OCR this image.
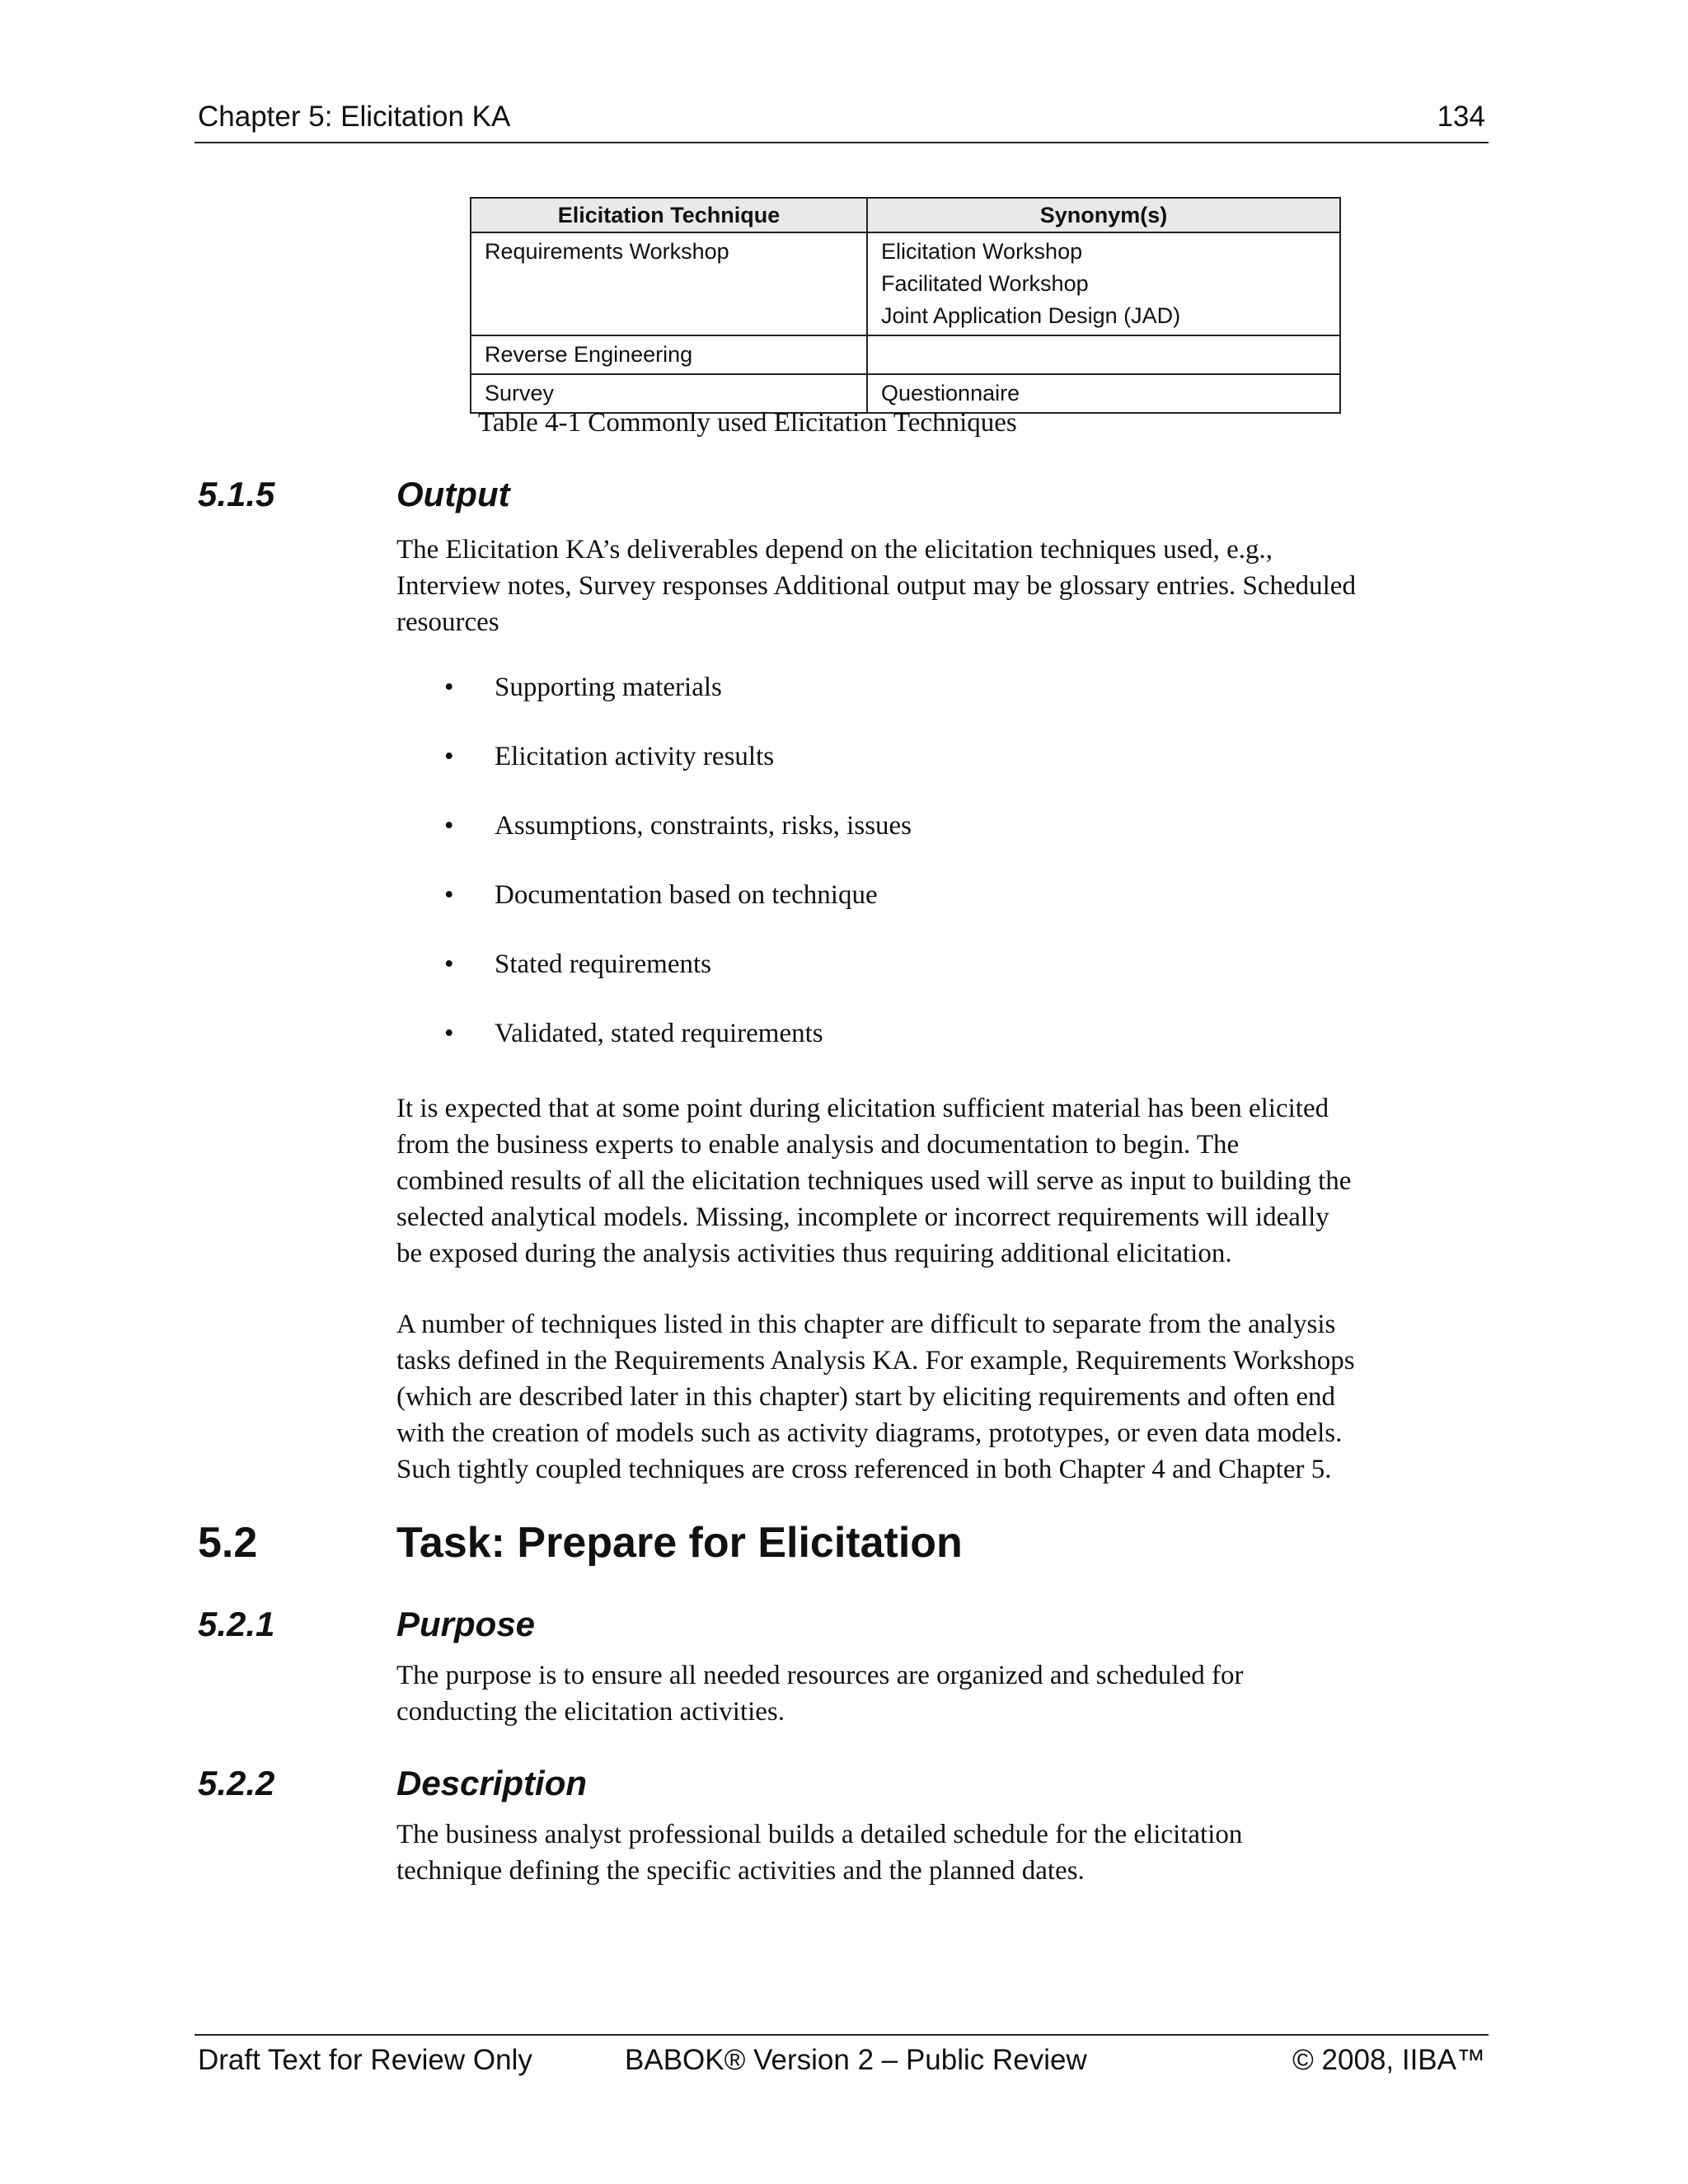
Chapter 5: Elicitation KA	134
Elicitation Technique	Synonym(s)
Requirements Workshop	Elicitation Workshop
Facilitated Workshop
Joint Application Design (JAD)

Reverse Engineering	
Survey	Questionnaire
Table 4-1 Commonly used Elicitation Techniques
5.1.5	Output
The Elicitation KA’s deliverables depend on the elicitation techniques used, e.g.,
Interview notes, Survey responses Additional output may be glossary entries. Scheduled
resources
• Supporting materials
• Elicitation activity results
• Assumptions, constraints, risks, issues
• Documentation based on technique
• Stated requirements
• Validated, stated requirements
It is expected that at some point during elicitation sufficient material has been elicited
from the business experts to enable analysis and documentation to begin. The
combined results of all the elicitation techniques used will serve as input to building the
selected analytical models. Missing, incomplete or incorrect requirements will ideally
be exposed during the analysis activities thus requiring additional elicitation.
A number of techniques listed in this chapter are difficult to separate from the analysis
tasks defined in the Requirements Analysis KA. For example, Requirements Workshops
(which are described later in this chapter) start by eliciting requirements and often end
with the creation of models such as activity diagrams, prototypes, or even data models.
Such tightly coupled techniques are cross referenced in both Chapter 4 and Chapter 5.
5.2	Task: Prepare for Elicitation
5.2.1	Purpose
The purpose is to ensure all needed resources are organized and scheduled for
conducting the elicitation activities.
5.2.2	Description
The business analyst professional builds a detailed schedule for the elicitation
technique defining the specific activities and the planned dates.
Draft Text for Review Only	BABOK® Version 2 – Public Review	© 2008, IIBA™
